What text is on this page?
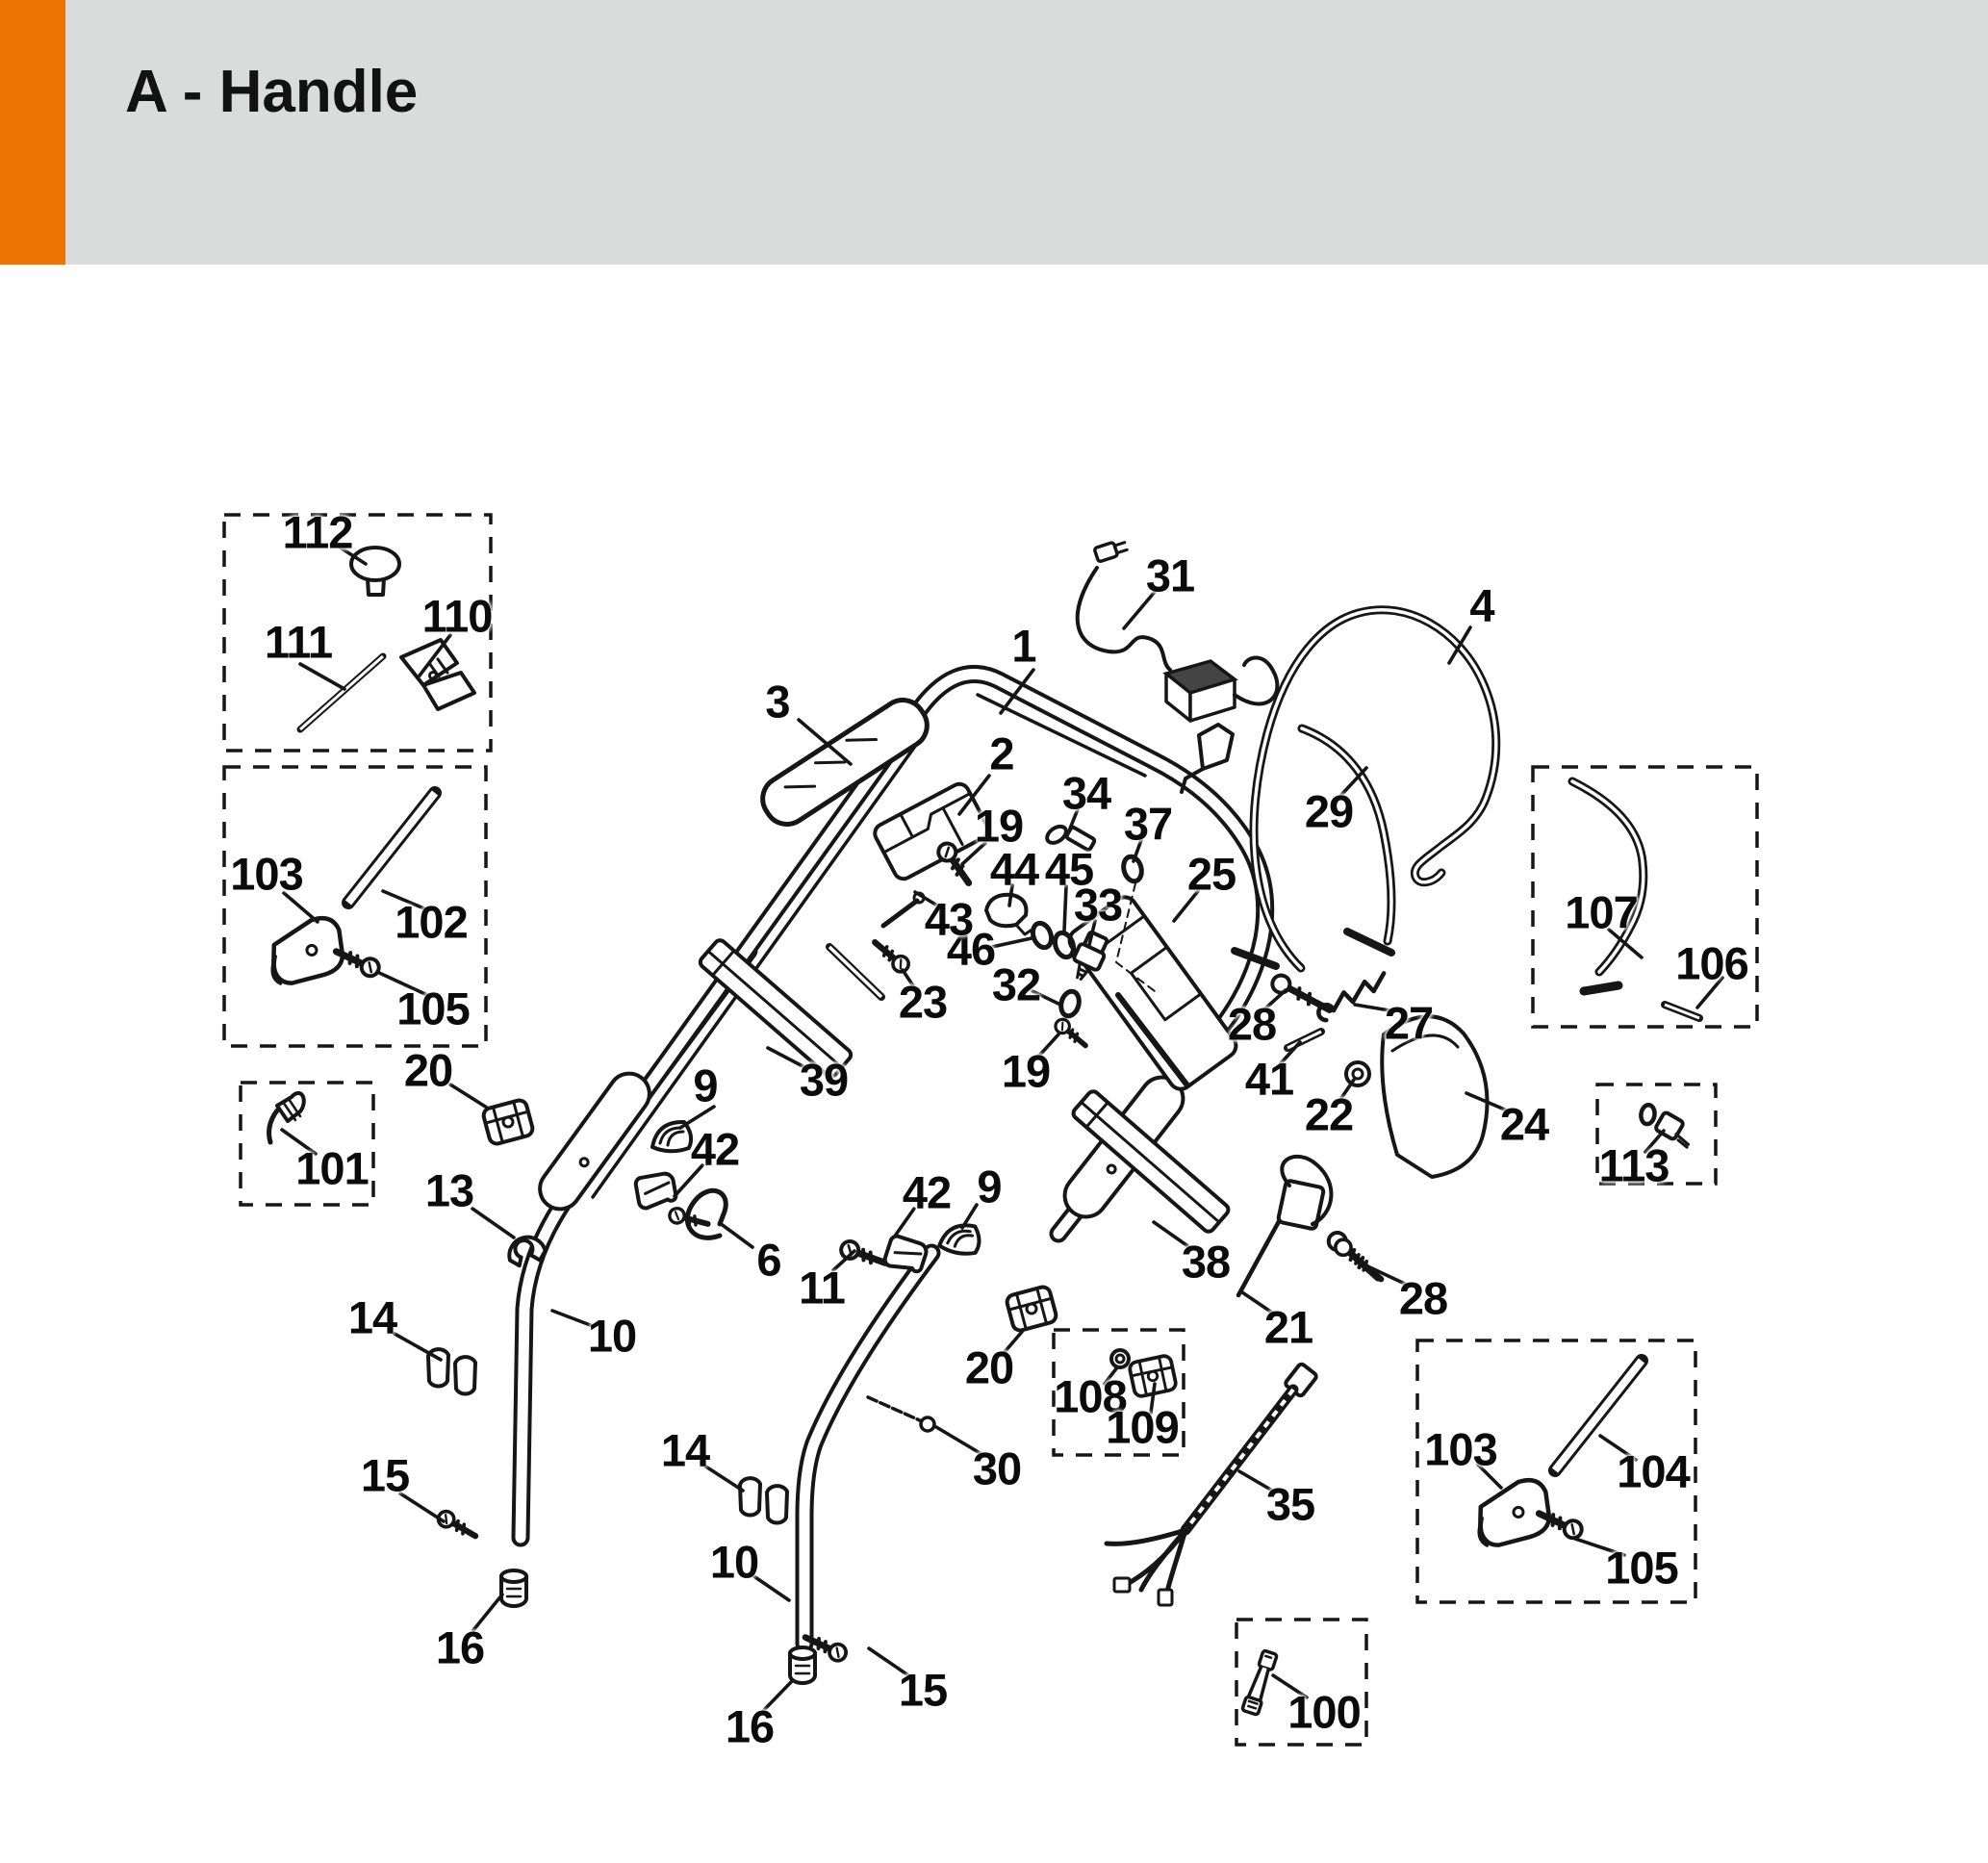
A - Handle
112
111
110
103
102
105
20
101 13
14
15
16
1
2
3
4
31
29
19
34
37
44 45
33
46
43
25
23 32
19
107
106
28 27
41
22	24
113
39
9
42
6
11
42 9
20
38
30
108
109
21
28
35
14
10
10
15
16	100
103	104
105
